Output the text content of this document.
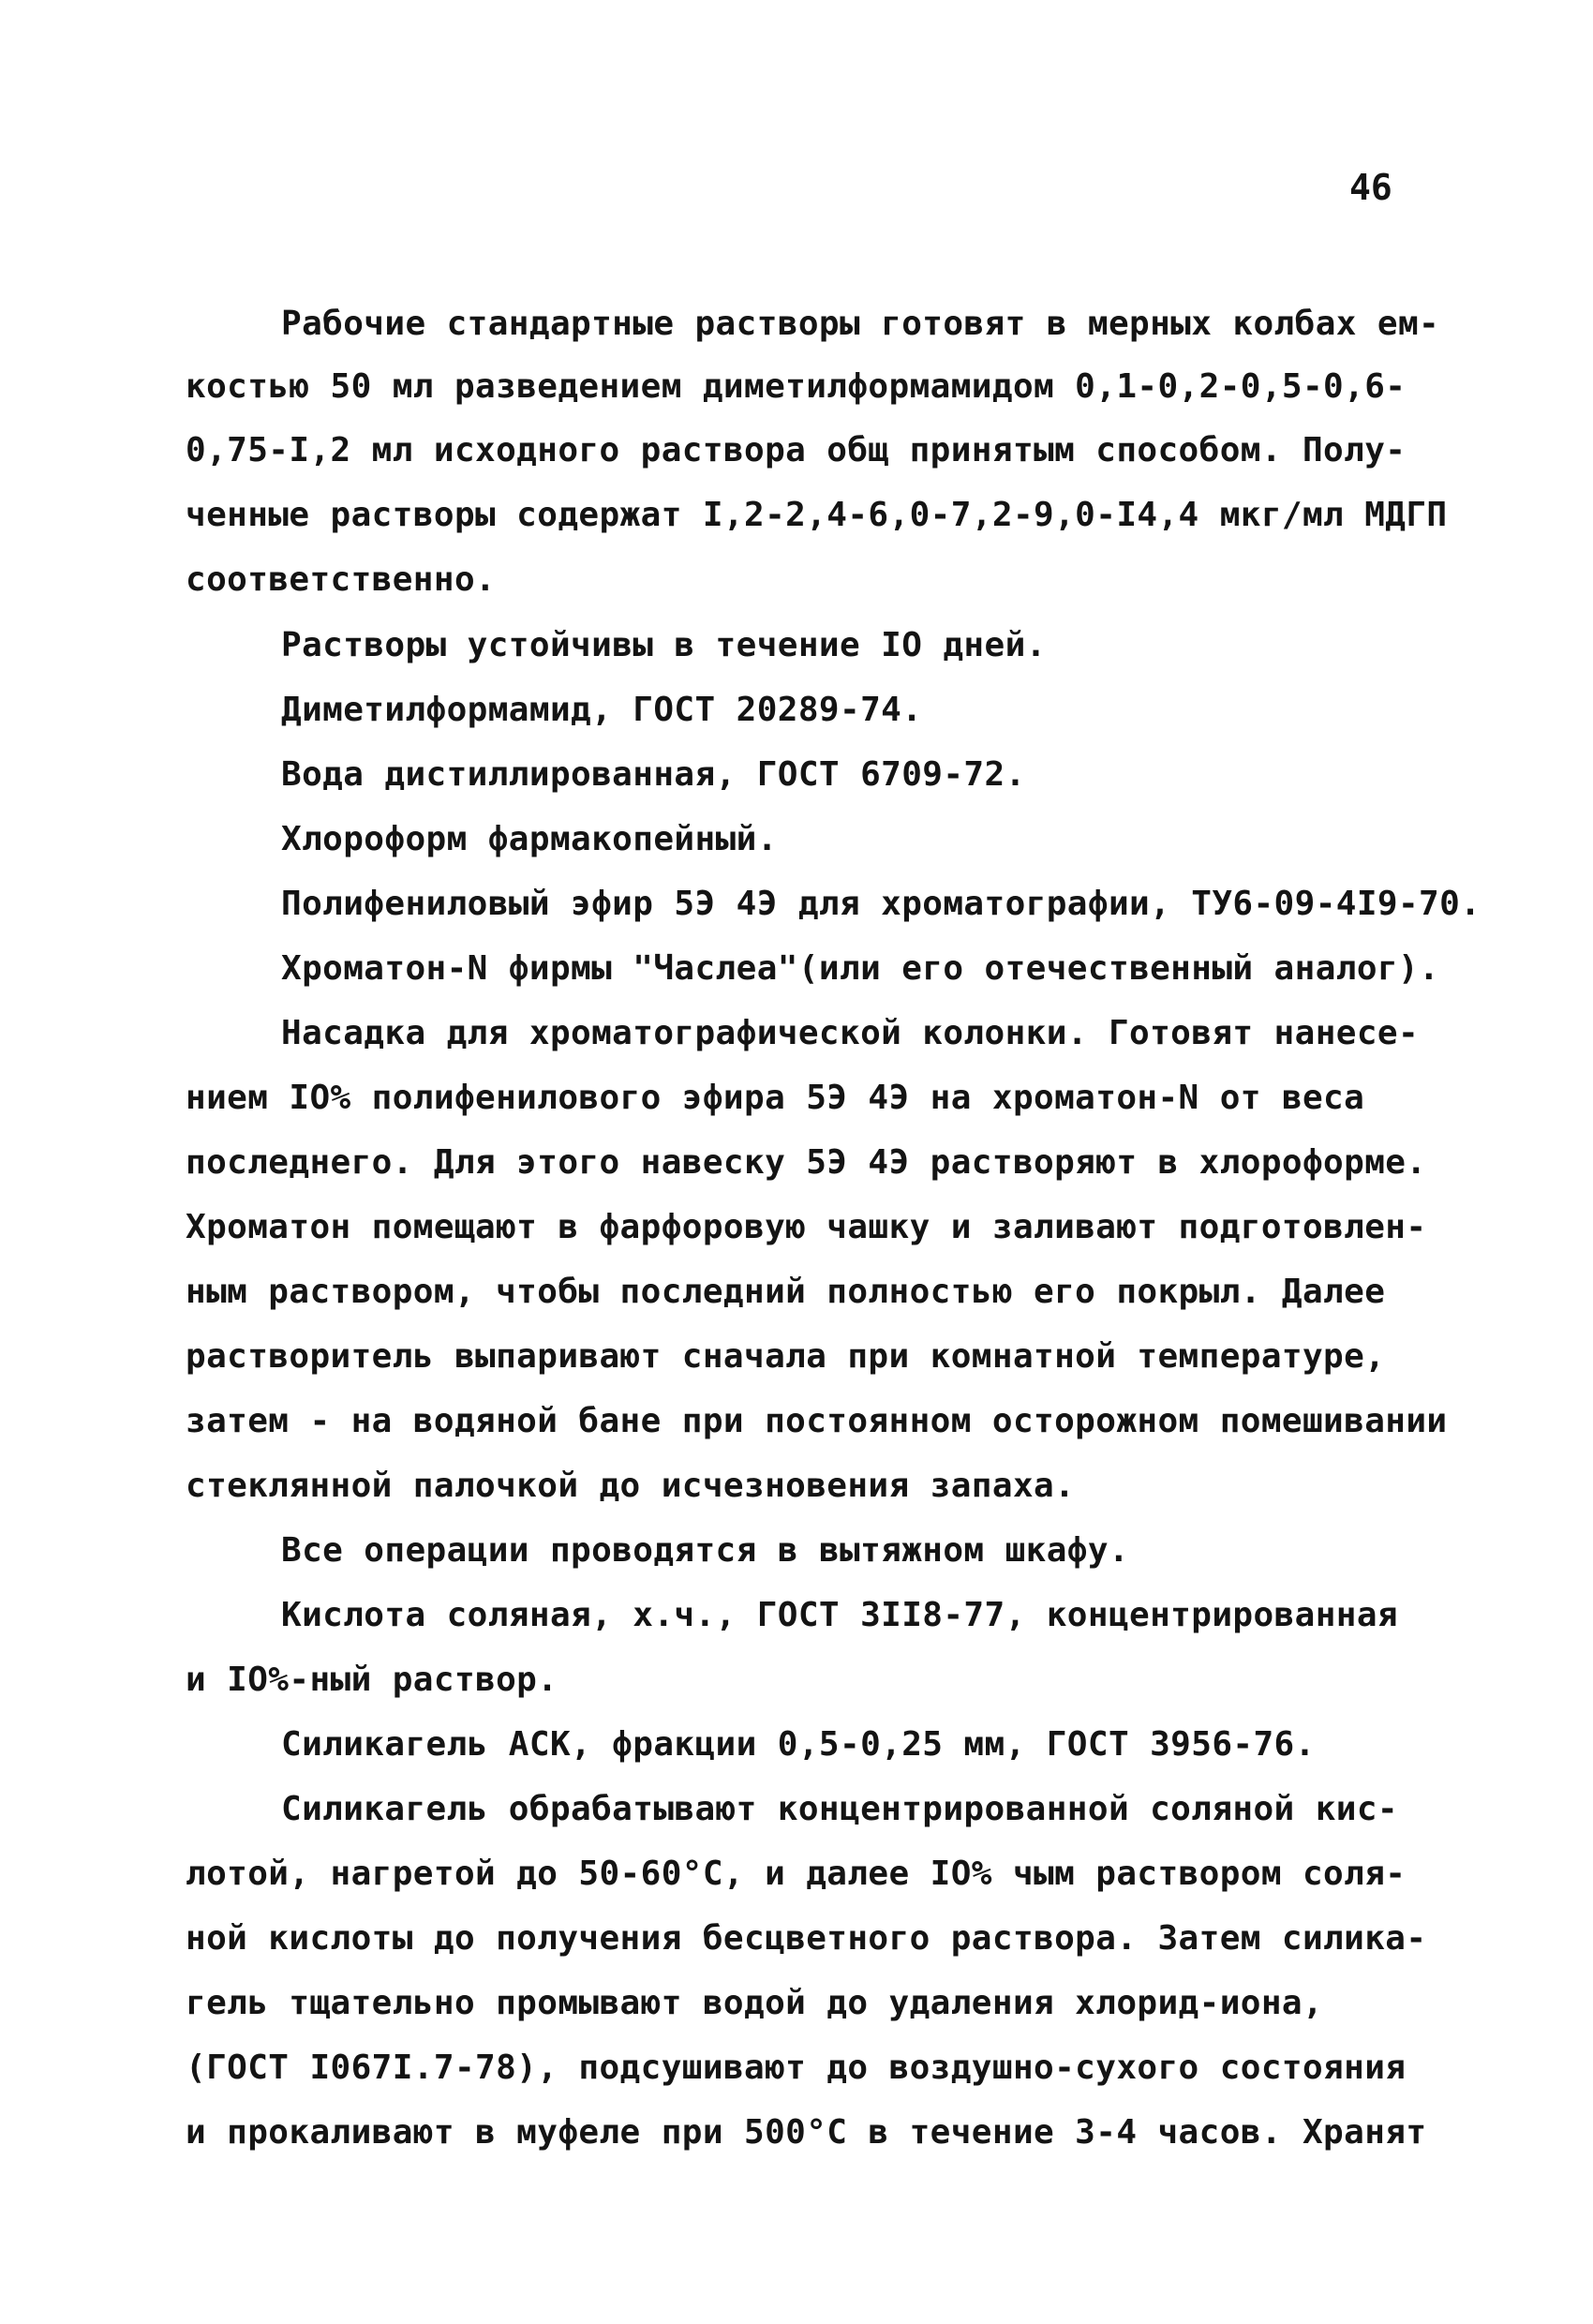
46
Рабочие стандартные растворы готовят в мерных колбах ем-
костью 50 мл разведением диметилформамидом 0,1-0,2-0,5-0,6-
0,75-I,2 мл исходного раствора общ принятым способом. Полу-
ченные растворы содержат I,2-2,4-6,0-7,2-9,0-I4,4 мкг/мл МДГП
соответственно.
Растворы устойчивы в течение IO дней.
Диметилформамид, ГОСТ 20289-74.
Вода дистиллированная, ГОСТ 6709-72.
Хлороформ фармакопейный.
Полифениловый эфир 5Э 4Э для хроматографии, ТУ6-09-4I9-70.
Хроматон-N фирмы "Часлеа"(или его отечественный аналог).
Насадка для хроматографической колонки. Готовят нанесе-
нием IO% полифенилового эфира 5Э 4Э на хроматон-N от веса
последнего. Для этого навеску 5Э 4Э растворяют в хлороформе.
Хроматон помещают в фарфоровую чашку и заливают подготовлен-
ным раствором, чтобы последний полностью его покрыл. Далее
растворитель выпаривают сначала при комнатной температуре,
затем - на водяной бане при постоянном осторожном помешивании
стеклянной палочкой до исчезновения запаха.
Все операции проводятся в вытяжном шкафу.
Кислота соляная, х.ч., ГОСТ 3II8-77, концентрированная
и IO%-ный раствор.
Силикагель АСК, фракции 0,5-0,25 мм, ГОСТ 3956-76.
Силикагель обрабатывают концентрированной соляной кис-
лотой, нагретой до 50-60°С, и далее IO% чым раствором соля-
ной кислоты до получения бесцветного раствора. Затем силика-
гель тщательно промывают водой до удаления хлорид-иона,
(ГОСТ I067I.7-78), подсушивают до воздушно-сухого состояния
и прокаливают в муфеле при 500°С в течение 3-4 часов. Хранят
